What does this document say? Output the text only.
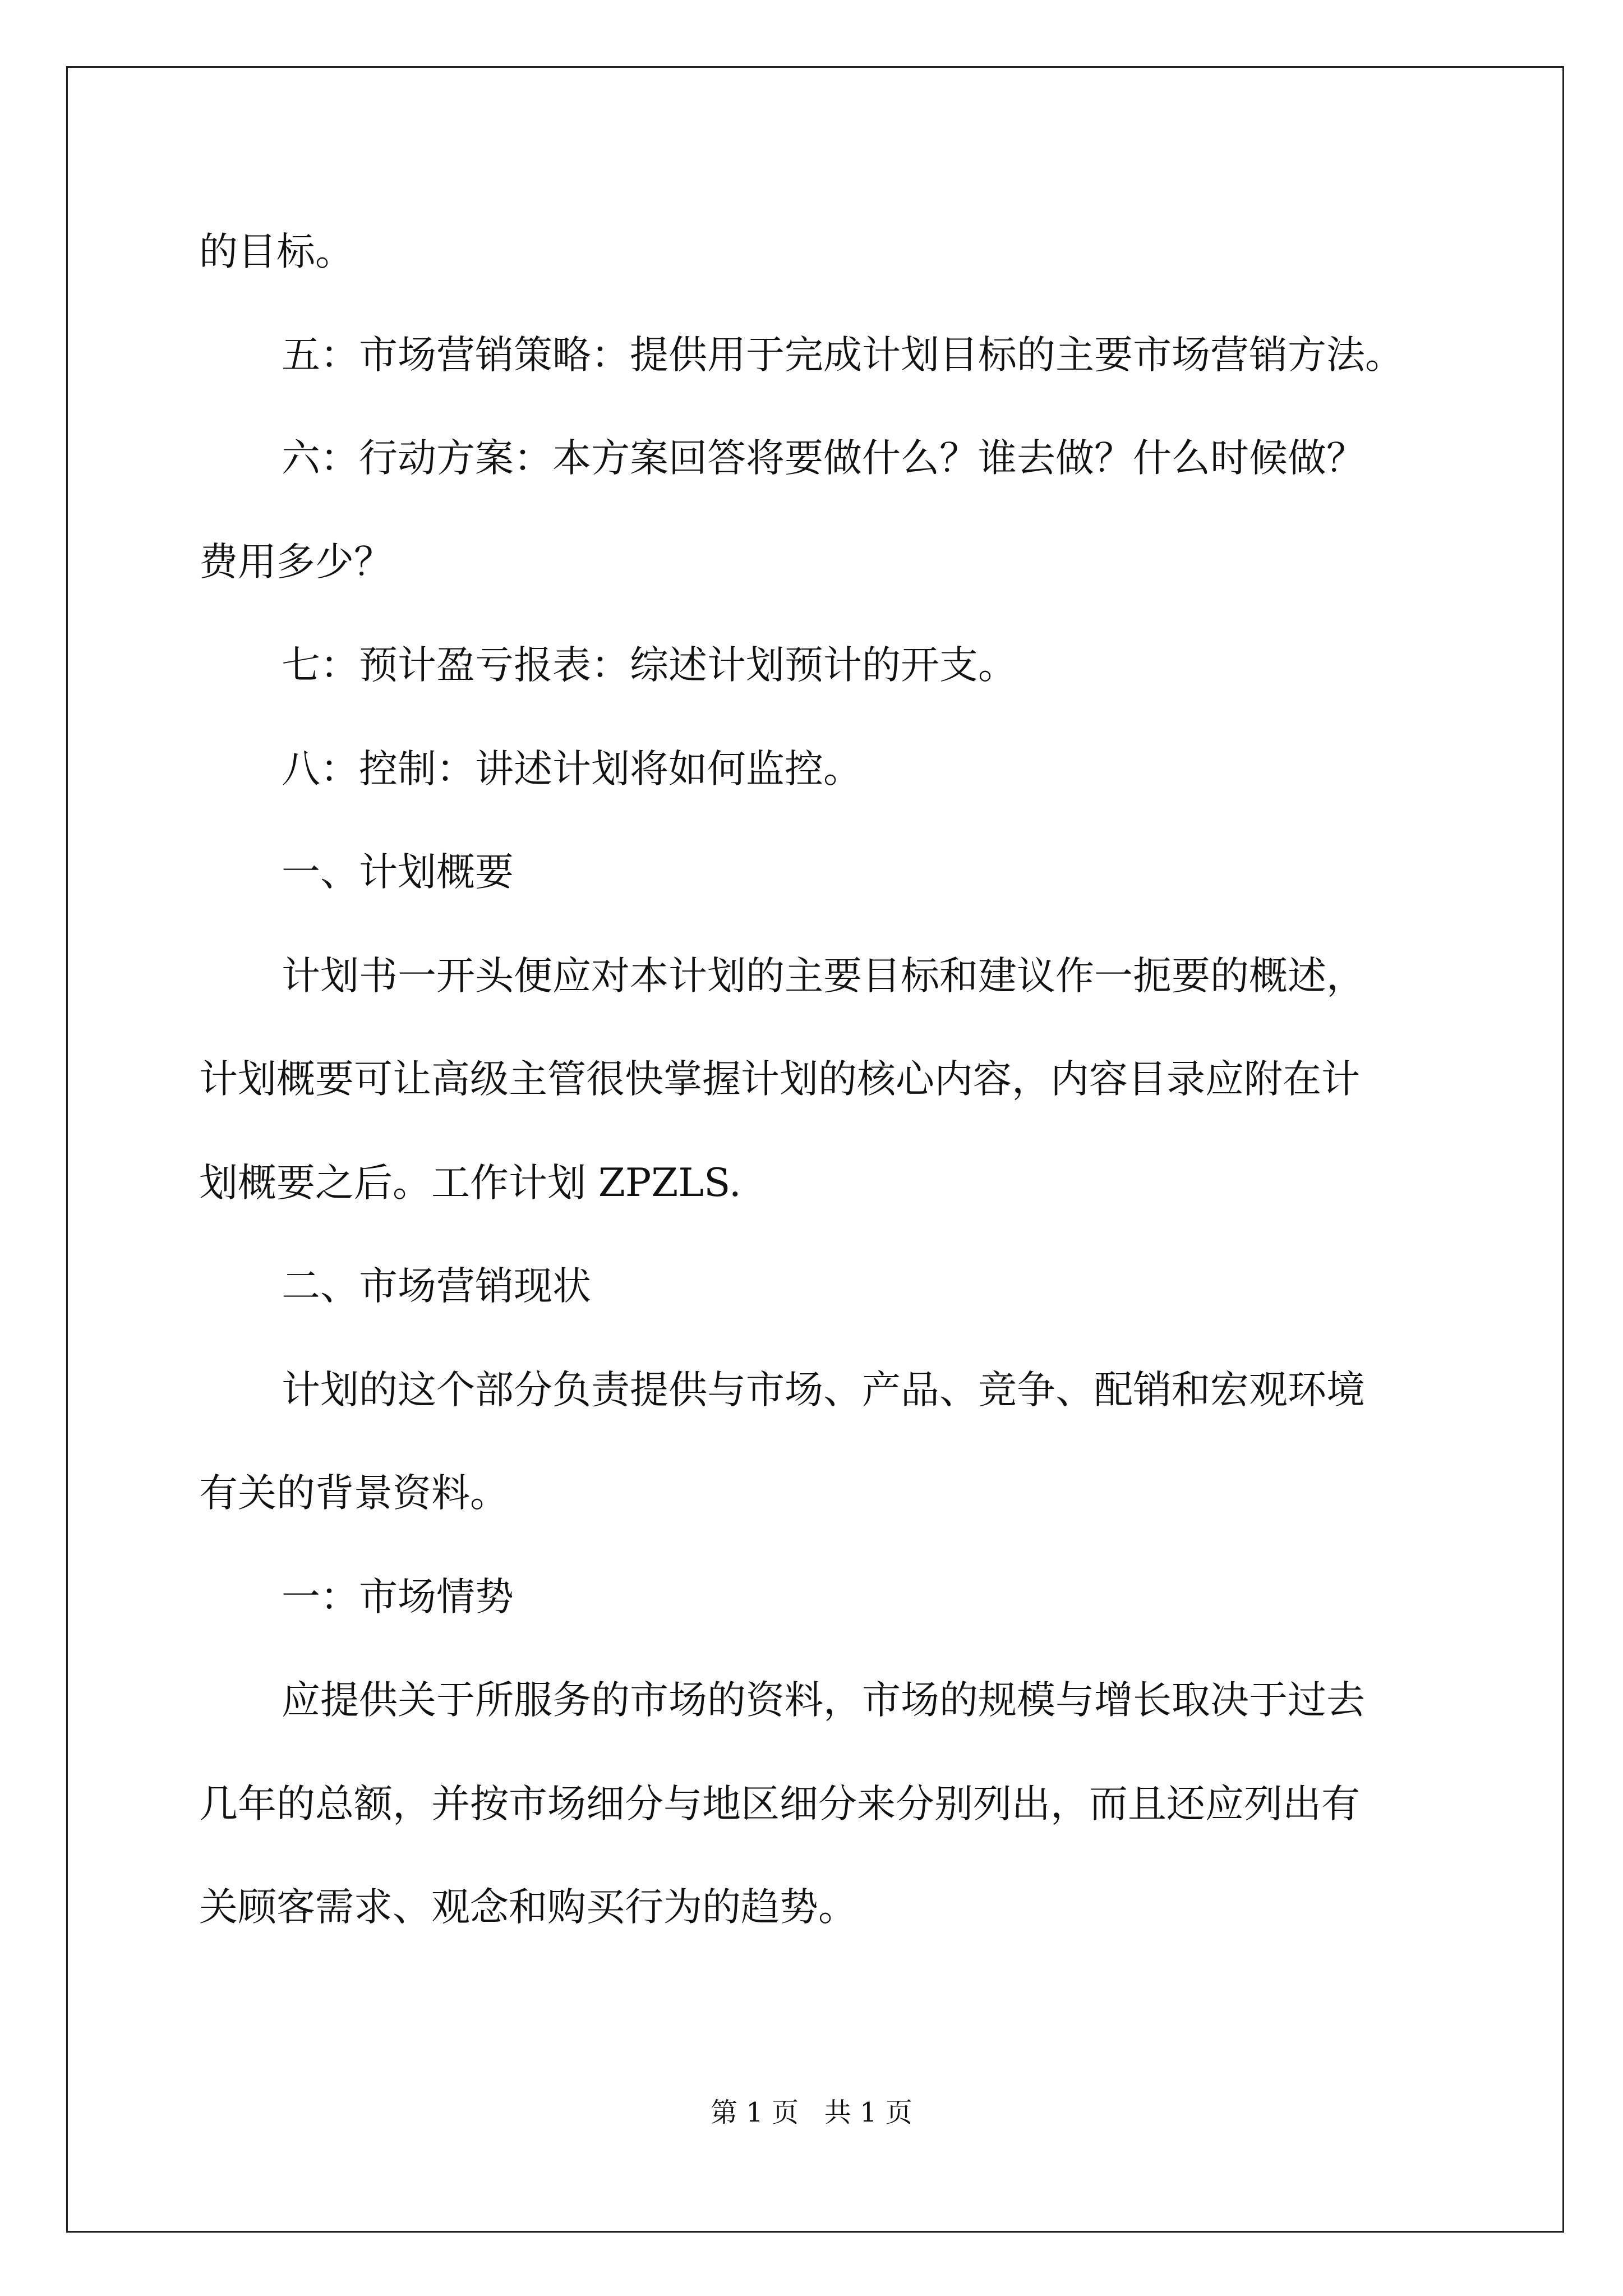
的目标。
五：市场营销策略：提供用于完成计划目标的主要市场营销方法。
六：行动方案：本方案回答将要做什么？谁去做？什么时候做？
费用多少？
七：预计盈亏报表：综述计划预计的开支。
八：控制：讲述计划将如何监控。
一、计划概要
计划书一开头便应对本计划的主要目标和建议作一扼要的概述，
计划概要可让高级主管很快掌握计划的核心内容，内容目录应附在计
划概要之后。工作计划 ZPZLS.
二、市场营销现状
计划的这个部分负责提供与市场、产品、竞争、配销和宏观环境
有关的背景资料。
一：市场情势
应提供关于所服务的市场的资料，市场的规模与增长取决于过去
几年的总额，并按市场细分与地区细分来分别列出，而且还应列出有
关顾客需求、观念和购买行为的趋势。
第 1 页   共 1 页
